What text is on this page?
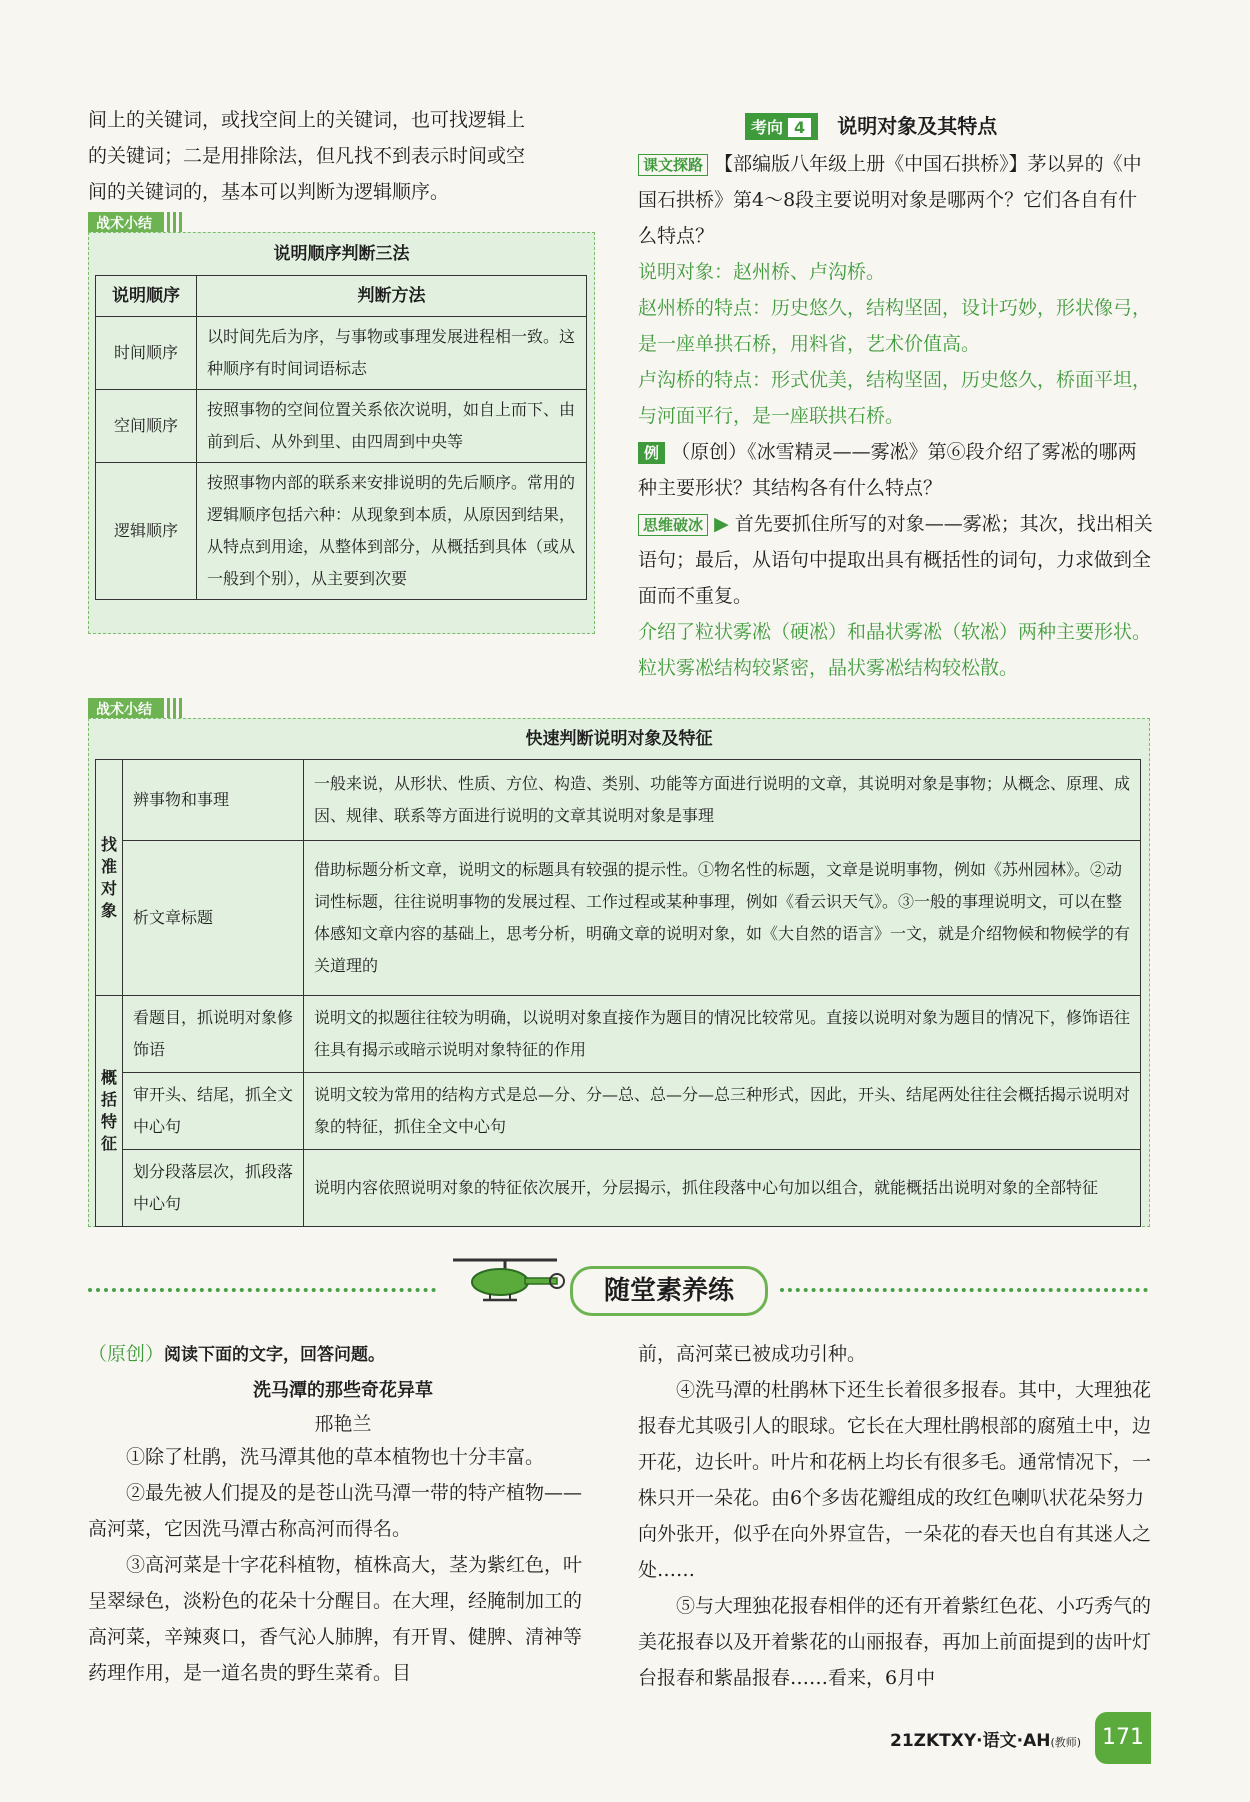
间上的关键词，或找空间上的关键词，也可找逻辑上
的关键词；二是用排除法，但凡找不到表示时间或空
间的关键词的，基本可以判断为逻辑顺序。
战术小结
说明顺序判断三法
说明顺序	判断方法
时间顺序	以时间先后为序，与事物或事理发展进程相一致。这种顺序有时间词语标志
空间顺序	按照事物的空间位置关系依次说明，如自上而下、由前到后、从外到里、由四周到中央等
逻辑顺序	按照事物内部的联系来安排说明的先后顺序。常用的逻辑顺序包括六种：从现象到本质，从原因到结果，从特点到用途，从整体到部分，从概括到具体（或从一般到个别），从主要到次要
考向 4 说明对象及其特点
课文探路 【部编版八年级上册《中国石拱桥》】茅以昇的《中国石拱桥》第4～8段主要说明对象是哪两个？它们各自有什么特点？
说明对象：赵州桥、卢沟桥。
赵州桥的特点：历史悠久，结构坚固，设计巧妙，形状像弓，是一座单拱石桥，用料省，艺术价值高。
卢沟桥的特点：形式优美，结构坚固，历史悠久，桥面平坦，与河面平行，是一座联拱石桥。
例 （原创）《冰雪精灵——雾凇》第⑥段介绍了雾凇的哪两种主要形状？其结构各有什么特点？
思维破冰 ▶ 首先要抓住所写的对象——雾凇；其次，找出相关语句；最后，从语句中提取出具有概括性的词句，力求做到全面而不重复。
介绍了粒状雾凇（硬凇）和晶状雾凇（软凇）两种主要形状。粒状雾凇结构较紧密，晶状雾凇结构较松散。
战术小结
快速判断说明对象及特征
找准对象	辨事物和事理	一般来说，从形状、性质、方位、构造、类别、功能等方面进行说明的文章，其说明对象是事物；从概念、原理、成因、规律、联系等方面进行说明的文章其说明对象是事理
	析文章标题	借助标题分析文章，说明文的标题具有较强的提示性。①物名性的标题，文章是说明事物，例如《苏州园林》。②动词性标题，往往说明事物的发展过程、工作过程或某种事理，例如《看云识天气》。③一般的事理说明文，可以在整体感知文章内容的基础上，思考分析，明确文章的说明对象，如《大自然的语言》一文，就是介绍物候和物候学的有关道理的
概括特征	看题目，抓说明对象修饰语	说明文的拟题往往较为明确，以说明对象直接作为题目的情况比较常见。直接以说明对象为题目的情况下，修饰语往往具有揭示或暗示说明对象特征的作用
	审开头、结尾，抓全文中心句	说明文较为常用的结构方式是总—分、分—总、总—分—总三种形式，因此，开头、结尾两处往往会概括揭示说明对象的特征，抓住全文中心句
	划分段落层次，抓段落中心句	说明内容依照说明对象的特征依次展开，分层揭示，抓住段落中心句加以组合，就能概括出说明对象的全部特征
随堂素养练
（原创）阅读下面的文字，回答问题。
洗马潭的那些奇花异草
邢艳兰
①除了杜鹃，洗马潭其他的草本植物也十分丰富。
②最先被人们提及的是苍山洗马潭一带的特产植物——高河菜，它因洗马潭古称高河而得名。
③高河菜是十字花科植物，植株高大，茎为紫红色，叶呈翠绿色，淡粉色的花朵十分醒目。在大理，经腌制加工的高河菜，辛辣爽口，香气沁人肺脾，有开胃、健脾、清神等药理作用，是一道名贵的野生菜肴。目
前，高河菜已被成功引种。
④洗马潭的杜鹃林下还生长着很多报春。其中，大理独花报春尤其吸引人的眼球。它长在大理杜鹃根部的腐殖土中，边开花，边长叶。叶片和花柄上均长有很多毛。通常情况下，一株只开一朵花。由6个多齿花瓣组成的玫红色喇叭状花朵努力向外张开，似乎在向外界宣告，一朵花的春天也自有其迷人之处……
⑤与大理独花报春相伴的还有开着紫红色花、小巧秀气的美花报春以及开着紫花的山丽报春，再加上前面提到的齿叶灯台报春和紫晶报春……看来，6月中
21ZKTXY·语文·AH(教师) 171
